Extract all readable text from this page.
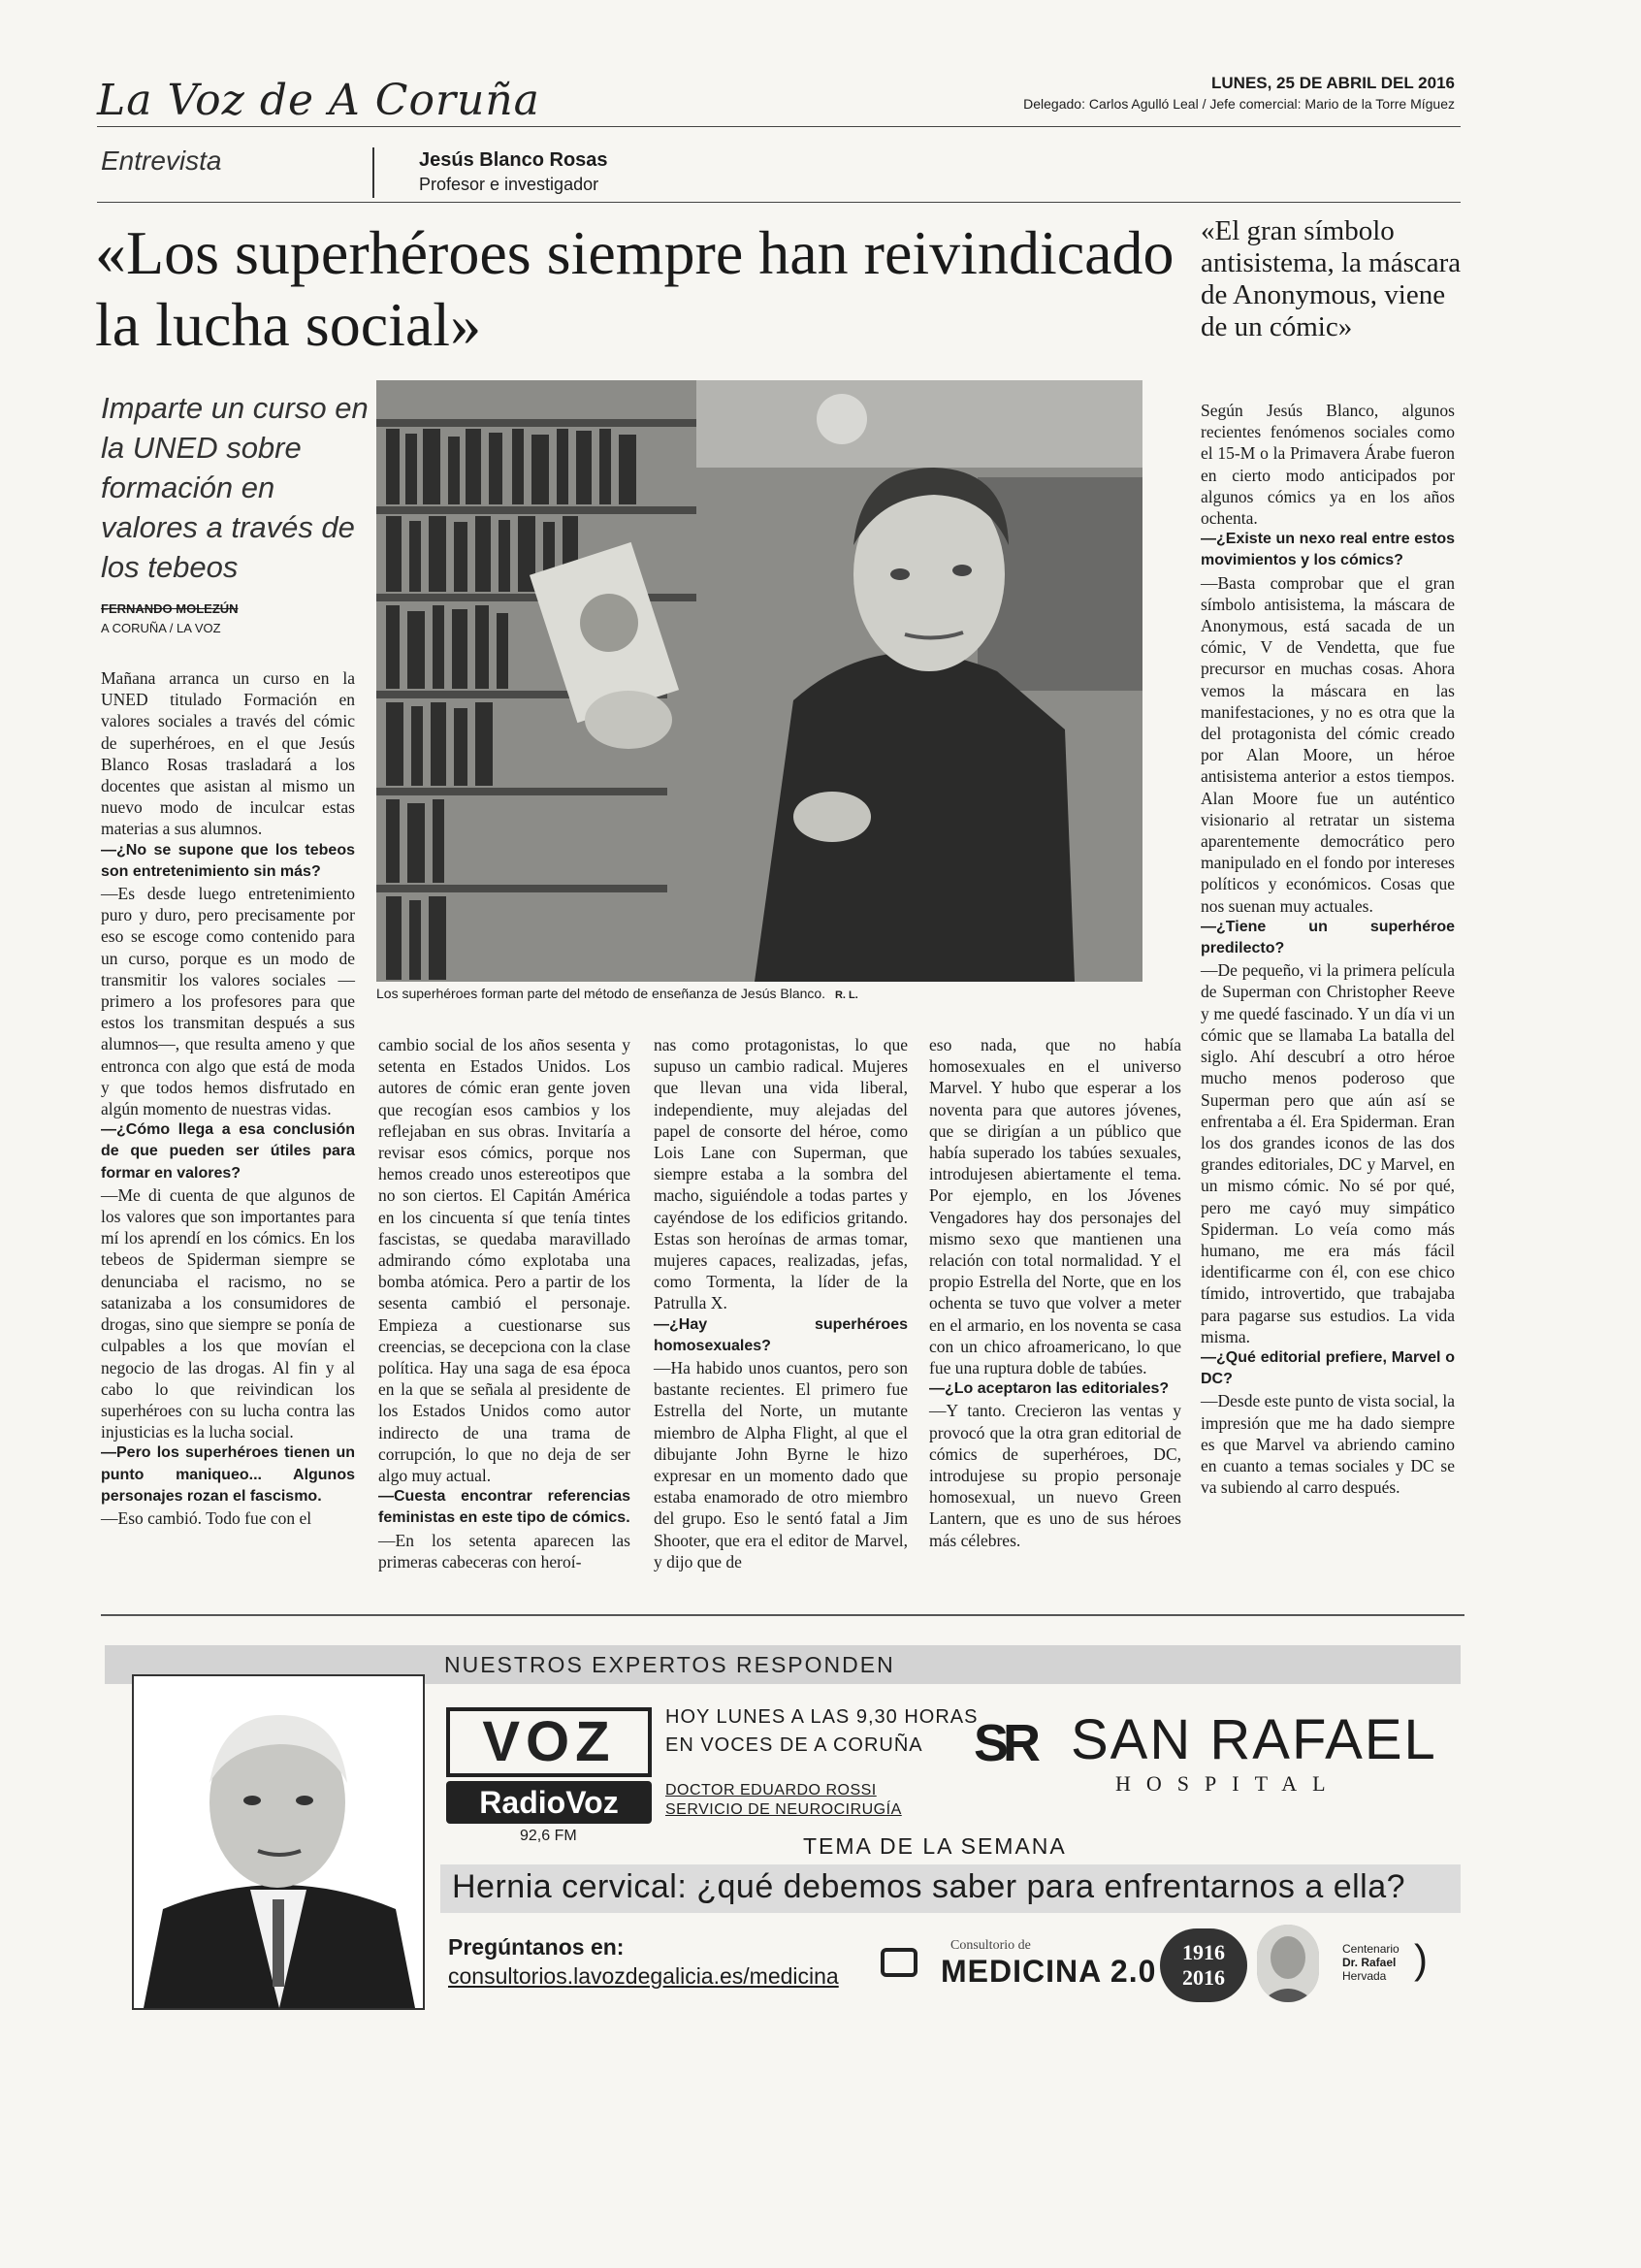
La Voz de A Coruña	LUNES, 25 DE ABRIL DEL 2016
Delegado: Carlos Agulló Leal / Jefe comercial: Mario de la Torre Míguez
Entrevista	Jesús Blanco Rosas
Profesor e investigador
«Los superhéroes siempre han reivindicado la lucha social»
«El gran símbolo antisistema, la máscara de Anonymous, viene de un cómic»
Imparte un curso en la UNED sobre formación en valores a través de los tebeos
FERNANDO MOLEZÚN
A CORUÑA / LA VOZ
Los superhéroes forman parte del método de enseñanza de Jesús Blanco. R. L.

Mañana arranca un curso en la UNED titulado Formación en valores sociales a través del cómic de superhéroes, en el que Jesús Blanco Rosas trasladará a los docentes que asistan al mismo un nuevo modo de inculcar estas materias a sus alumnos.

—¿No se supone que los tebeos son entretenimiento sin más?

—Es desde luego entretenimiento puro y duro, pero precisamente por eso se escoge como contenido para un curso, porque es un modo de transmitir los valores sociales —primero a los profesores para que estos los transmitan después a sus alumnos—, que resulta ameno y que entronca con algo que está de moda y que todos hemos disfrutado en algún momento de nuestras vidas.

—¿Cómo llega a esa conclusión de que pueden ser útiles para formar en valores?

—Me di cuenta de que algunos de los valores que son importantes para mí los aprendí en los cómics. En los tebeos de Spiderman siempre se denunciaba el racismo, no se satanizaba a los consumidores de drogas, sino que siempre se ponía de culpables a los que movían el negocio de las drogas. Al fin y al cabo lo que reivindican los superhéroes con su lucha contra las injusticias es la lucha social.

—Pero los superhéroes tienen un punto maniqueo... Algunos personajes rozan el fascismo.

—Eso cambió. Todo fue con el

cambio social de los años sesenta y setenta en Estados Unidos. Los autores de cómic eran gente joven que recogían esos cambios y los reflejaban en sus obras. Invitaría a revisar esos cómics, porque nos hemos creado unos estereotipos que no son ciertos. El Capitán América en los cincuenta sí que tenía tintes fascistas, se quedaba maravillado admirando cómo explotaba una bomba atómica. Pero a partir de los sesenta cambió el personaje. Empieza a cuestionarse sus creencias, se decepciona con la clase política. Hay una saga de esa época en la que se señala al presidente de los Estados Unidos como autor indirecto de una trama de corrupción, lo que no deja de ser algo muy actual.

—Cuesta encontrar referencias feministas en este tipo de cómics.

—En los setenta aparecen las primeras cabeceras con heroí-

nas como protagonistas, lo que supuso un cambio radical. Mujeres que llevan una vida liberal, independiente, muy alejadas del papel de consorte del héroe, como Lois Lane con Superman, que siempre estaba a la sombra del macho, siguiéndole a todas partes y cayéndose de los edificios gritando. Estas son heroínas de armas tomar, mujeres capaces, realizadas, jefas, como Tormenta, la líder de la Patrulla X.

—¿Hay superhéroes homosexuales?

—Ha habido unos cuantos, pero son bastante recientes. El primero fue Estrella del Norte, un mutante miembro de Alpha Flight, al que el dibujante John Byrne le hizo expresar en un momento dado que estaba enamorado de otro miembro del grupo. Eso le sentó fatal a Jim Shooter, que era el editor de Marvel, y dijo que de

eso nada, que no había homosexuales en el universo Marvel. Y hubo que esperar a los noventa para que autores jóvenes, que se dirigían a un público que había superado los tabúes sexuales, introdujesen abiertamente el tema. Por ejemplo, en los Jóvenes Vengadores hay dos personajes del mismo sexo que mantienen una relación con total normalidad. Y el propio Estrella del Norte, que en los ochenta se tuvo que volver a meter en el armario, en los noventa se casa con un chico afroamericano, lo que fue una ruptura doble de tabúes.

—¿Lo aceptaron las editoriales?

—Y tanto. Crecieron las ventas y provocó que la otra gran editorial de cómics de superhéroes, DC, introdujese su propio personaje homosexual, un nuevo Green Lantern, que es uno de sus héroes más célebres.

Según Jesús Blanco, algunos recientes fenómenos sociales como el 15-M o la Primavera Árabe fueron en cierto modo anticipados por algunos cómics ya en los años ochenta.

—¿Existe un nexo real entre estos movimientos y los cómics?

—Basta comprobar que el gran símbolo antisistema, la máscara de Anonymous, está sacada de un cómic, V de Vendetta, que fue precursor en muchas cosas. Ahora vemos la máscara en las manifestaciones, y no es otra que la del protagonista del cómic creado por Alan Moore, un héroe antisistema anterior a estos tiempos. Alan Moore fue un auténtico visionario al retratar un sistema aparentemente democrático pero manipulado en el fondo por intereses políticos y económicos. Cosas que nos suenan muy actuales.

—¿Tiene un superhéroe predilecto?

—De pequeño, vi la primera película de Superman con Christopher Reeve y me quedé fascinado. Y un día vi un cómic que se llamaba La batalla del siglo. Ahí descubrí a otro héroe mucho menos poderoso que Superman pero que aún así se enfrentaba a él. Era Spiderman. Eran los dos grandes iconos de las dos grandes editoriales, DC y Marvel, en un mismo cómic. No sé por qué, pero me cayó muy simpático Spiderman. Lo veía como más humano, me era más fácil identificarme con él, con ese chico tímido, introvertido, que trabajaba para pagarse sus estudios. La vida misma.

—¿Qué editorial prefiere, Marvel o DC?

—Desde este punto de vista social, la impresión que me ha dado siempre es que Marvel va abriendo camino en cuanto a temas sociales y DC se va subiendo al carro después.

NUESTROS EXPERTOS RESPONDEN
VOZ
RadioVoz
92,6 FM
HOY LUNES A LAS 9,30 HORAS
EN VOCES DE A CORUÑA
DOCTOR EDUARDO ROSSI
SERVICIO DE NEUROCIRUGÍA
SR SAN RAFAEL
HOSPITAL
TEMA DE LA SEMANA
Hernia cervical: ¿qué debemos saber para enfrentarnos a ella?
Pregúntanos en:
consultorios.lavozdegalicia.es/medicina
Consultorio de
MEDICINA 2.0
1916
2016
Centenario
Dr. Rafael
Hervada )
